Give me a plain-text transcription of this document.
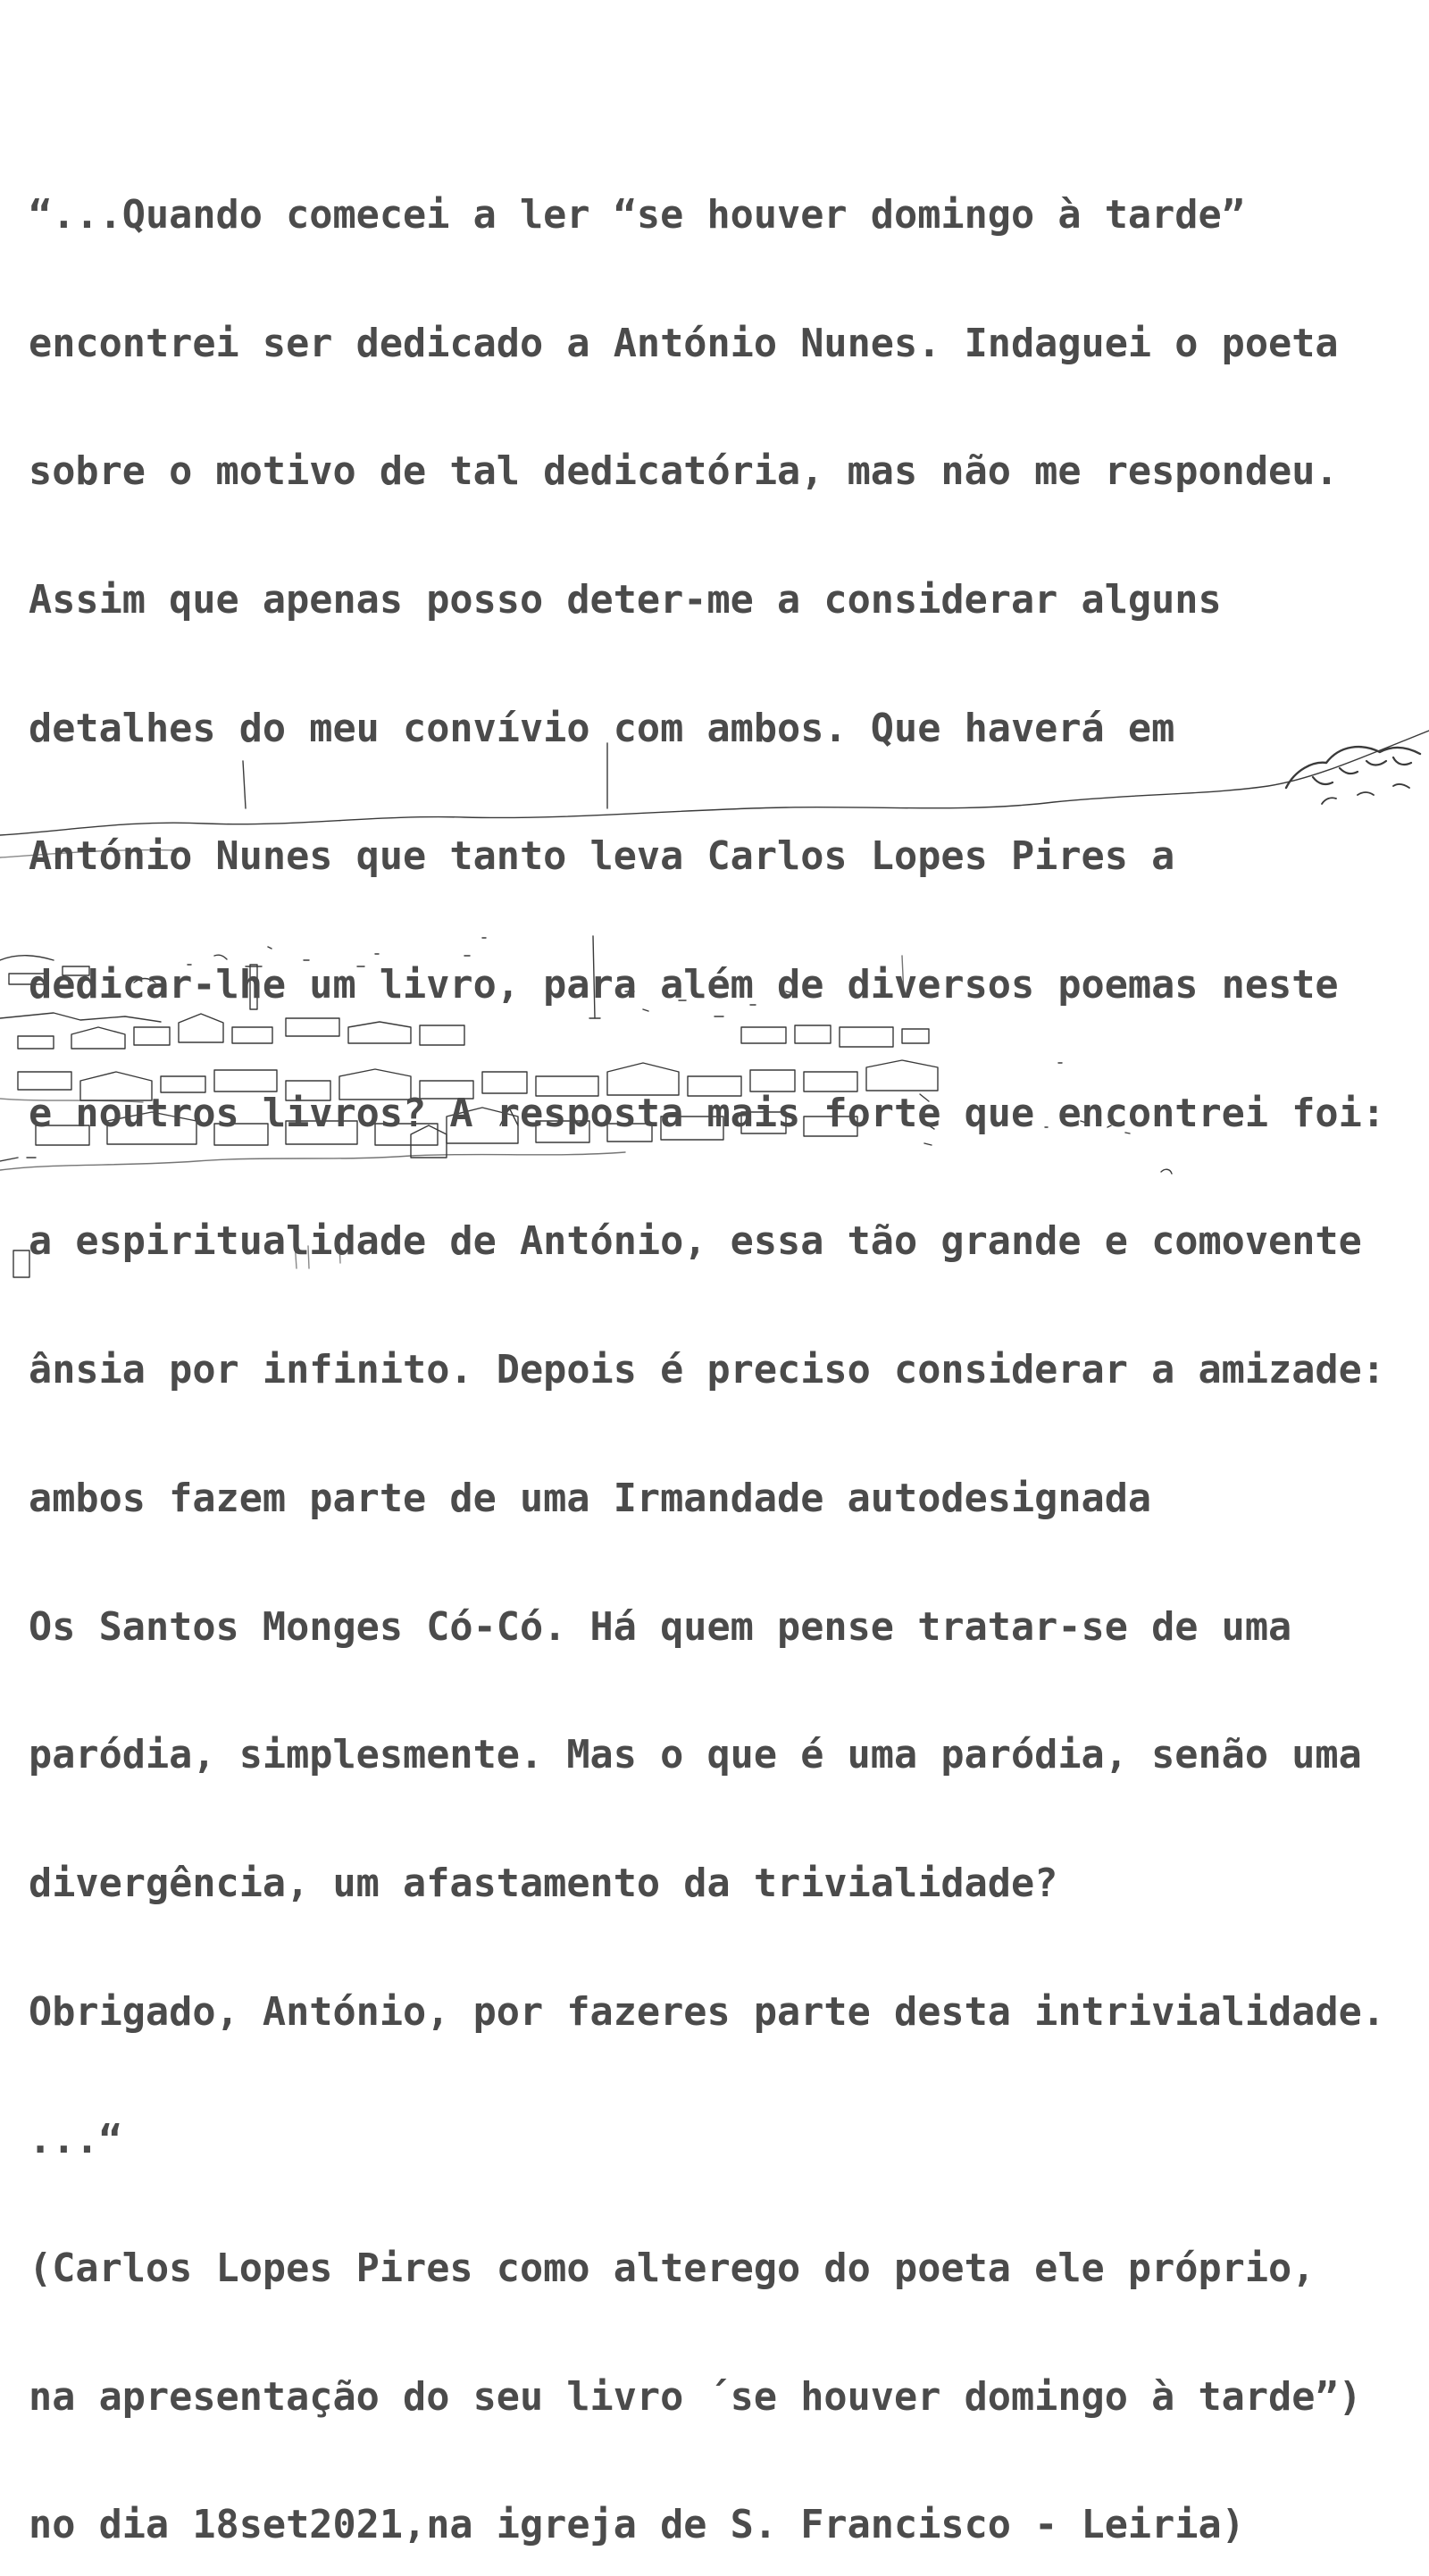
“...Quando comecei a ler “se houver domingo à tarde”

encontrei ser dedicado a António Nunes. Indaguei o poeta

sobre o motivo de tal dedicatória, mas não me respondeu.

Assim que apenas posso deter-me a considerar alguns

detalhes do meu convívio com ambos. Que haverá em

António Nunes que tanto leva Carlos Lopes Pires a

dedicar-lhe um livro, para além de diversos poemas neste

e noutros livros? A resposta mais forte que encontrei foi:

a espiritualidade de António, essa tão grande e comovente

ânsia por infinito. Depois é preciso considerar a amizade:

ambos fazem parte de uma Irmandade autodesignada

Os Santos Monges Có-Có. Há quem pense tratar-se de uma

paródia, simplesmente. Mas o que é uma paródia, senão uma

divergência, um afastamento da trivialidade?

Obrigado, António, por fazeres parte desta intrivialidade.

...“

(Carlos Lopes Pires como alterego do poeta ele próprio,

na apresentação do seu livro ´se houver domingo à tarde”)

no dia 18set2021,na igreja de S. Francisco - Leiria)
